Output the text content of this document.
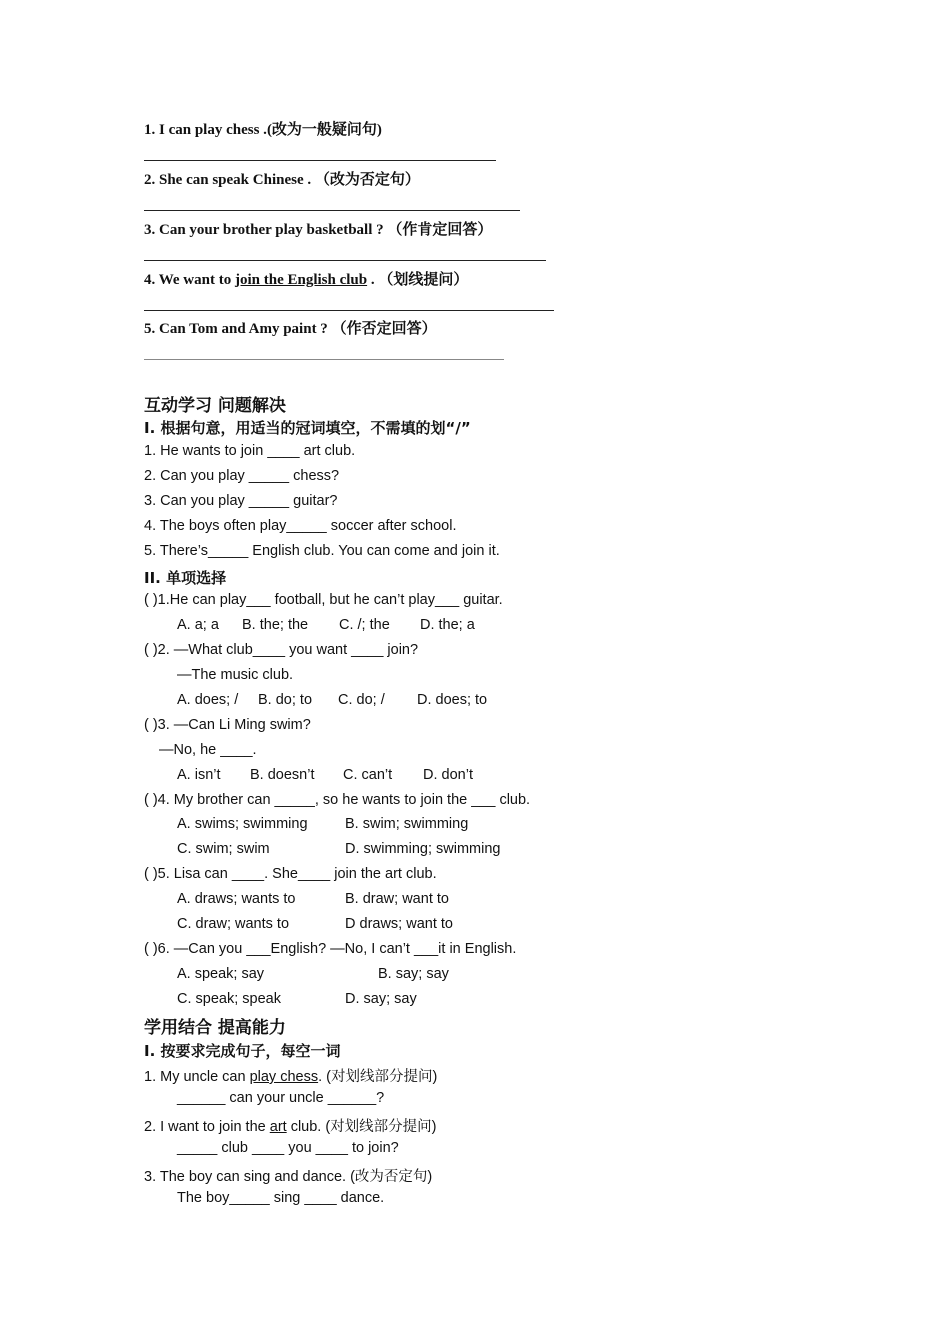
1. I can play chess .(改为一般疑问句)
2. She can speak Chinese . （改为否定句）
3. Can your brother play basketball ? （作肯定回答）
4. We want to join the English club . （划线提问）
5. Can Tom and Amy paint ? （作否定回答）
互动学习 问题解决
I. 根据句意，用适当的冠词填空，不需填的划“/”
1. He wants to join ____ art club.
2. Can you play _____ chess?
3. Can you play _____ guitar?
4. The boys often play_____ soccer after school.
5. There’s_____ English club. You can come and join it.
II. 单项选择
( )1.He can play___ football, but he can’t play___ guitar.
A. a; a B. the; the C. /; the D. the; a
( )2. —What club____ you want ____ join?
—The music club.
A. does; / B. do; to C. do; / D. does; to
( )3. —Can Li Ming swim?
—No, he ____.
A. isn’t B. doesn’t C. can’t D. don’t
( )4. My brother can _____, so he wants to join the ___ club.
A. swims; swimming	B. swim; swimming
C. swim; swim	D. swimming; swimming
( )5. Lisa can ____. She____ join the art club.
A. draws; wants to	B. draw; want to
C. draw; wants to	D draws; want to
( )6. —Can you ___English? —No, I can’t ___it in English.
A. speak; say	B. say; say
C. speak; speak	D. say; say
学用结合 提高能力
I. 按要求完成句子，每空一词
1. My uncle can play chess. (对划线部分提问)
______ can your uncle ______?
2. I want to join the art club. (对划线部分提问)
_____ club ____ you ____ to join?
3. The boy can sing and dance. (改为否定句)
The boy_____ sing ____ dance.
